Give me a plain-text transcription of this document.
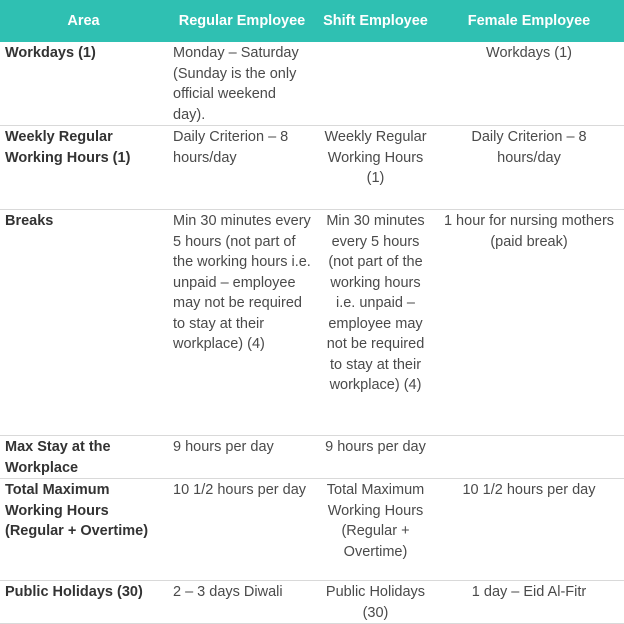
Area	Regular Employee	Shift Employee	Female Employee
Workdays (1)	Monday – Saturday (Sunday is the only official weekend day).		Workdays (1)
Weekly Regular Working Hours (1)	Daily Criterion – 8 hours/day	Weekly Regular Working Hours (1)	Daily Criterion – 8 hours/day
Breaks	Min 30 minutes every 5 hours (not part of the working hours i.e. unpaid – employee may not be required to stay at their workplace) (4)	Min 30 minutes every 5 hours (not part of the working hours i.e. unpaid – employee may not be required to stay at their workplace) (4)	1 hour for nursing mothers (paid break)
Max Stay at the Workplace	9 hours per day	9 hours per day	
Total Maximum Working Hours (Regular + Overtime)	10 1/2 hours per day	Total Maximum Working Hours (Regular + Overtime)	10 1/2 hours per day
Public Holidays (30)	2 – 3 days Diwali	Public Holidays (30)	1 day – Eid Al-Fitr
